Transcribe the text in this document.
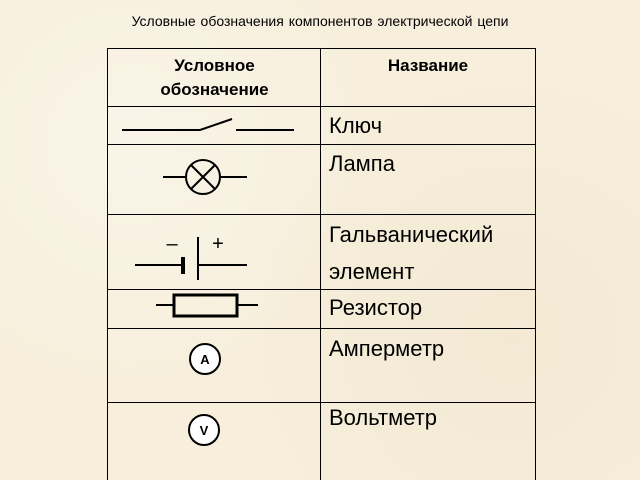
Условные обозначения компонентов электрической цепи
Условное обозначение
Название
Ключ
Лампа
Гальванический
элемент
Резистор
Амперметр
Вольтметр
– +
A
V
